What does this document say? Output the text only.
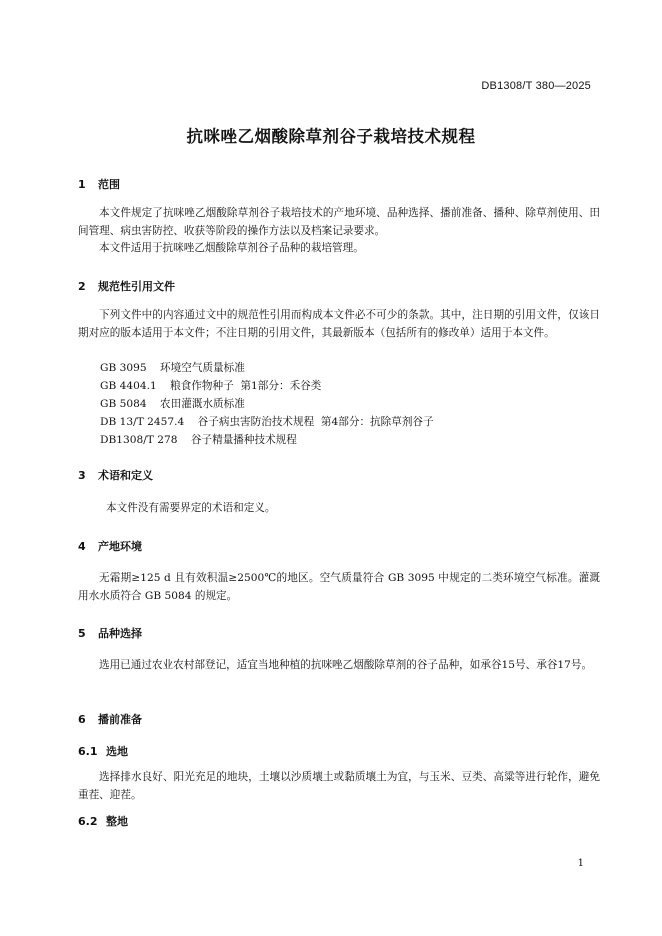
DB1308/T 380—2025
抗咪唑乙烟酸除草剂谷子栽培技术规程
1 范围
本文件规定了抗咪唑乙烟酸除草剂谷子栽培技术的产地环境、品种选择、播前准备、播种、除草剂使用、田间管理、病虫害防控、收获等阶段的操作方法以及档案记录要求。
本文件适用于抗咪唑乙烟酸除草剂谷子品种的栽培管理。
2 规范性引用文件
下列文件中的内容通过文中的规范性引用而构成本文件必不可少的条款。其中，注日期的引用文件，仅该日期对应的版本适用于本文件；不注日期的引用文件，其最新版本（包括所有的修改单）适用于本文件。
GB 3095    环境空气质量标准
GB 4404.1    粮食作物种子  第1部分：禾谷类
GB 5084    农田灌溉水质标准
DB 13/T 2457.4    谷子病虫害防治技术规程  第4部分：抗除草剂谷子
DB1308/T 278    谷子精量播种技术规程
3 术语和定义
本文件没有需要界定的术语和定义。
4 产地环境
无霜期≥125 d 且有效积温≥2500℃的地区。空气质量符合 GB 3095 中规定的二类环境空气标准。灌溉用水水质符合 GB 5084 的规定。
5 品种选择
选用已通过农业农村部登记，适宜当地种植的抗咪唑乙烟酸除草剂的谷子品种，如承谷15号、承谷17号。
6 播前准备
6.1 选地
选择排水良好、阳光充足的地块，土壤以沙质壤土或黏质壤土为宜，与玉米、豆类、高粱等进行轮作，避免重茬、迎茬。
6.2 整地
1
